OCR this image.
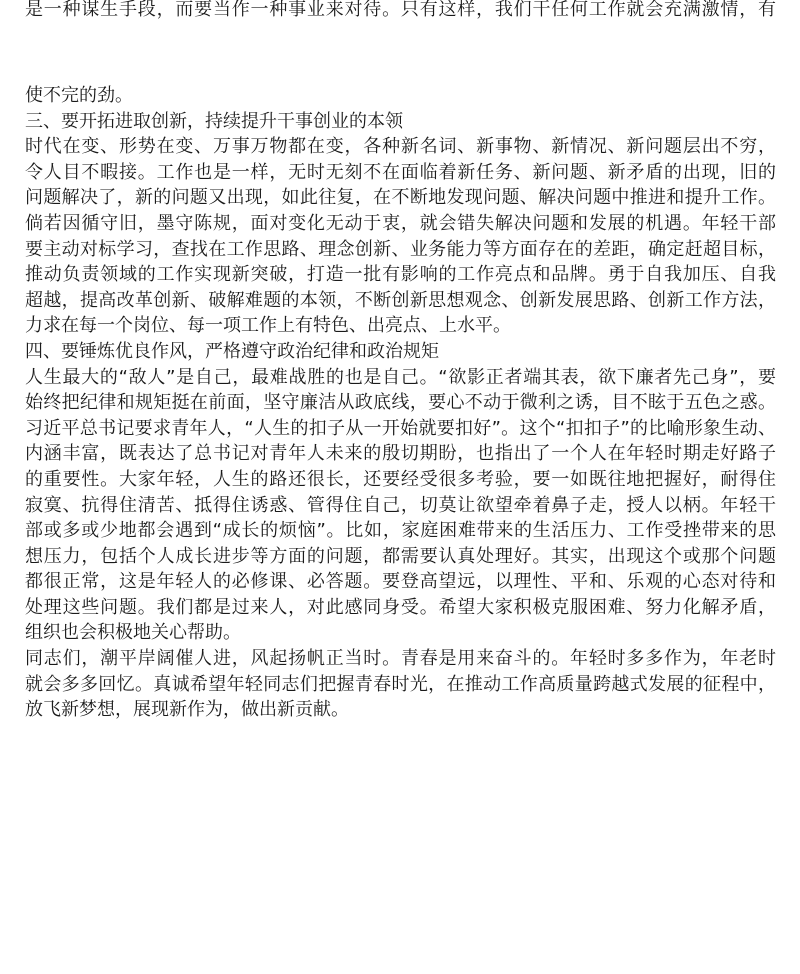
是一种谋生手段，而要当作一种事业来对待。只有这样，我们干任何工作就会充满激情，有
使不完的劲。
三、要开拓进取创新，持续提升干事创业的本领
时代在变、形势在变、万事万物都在变，各种新名词、新事物、新情况、新问题层出不穷，
令人目不暇接。工作也是一样，无时无刻不在面临着新任务、新问题、新矛盾的出现，旧的
问题解决了，新的问题又出现，如此往复，在不断地发现问题、解决问题中推进和提升工作。
倘若因循守旧，墨守陈规，面对变化无动于衷，就会错失解决问题和发展的机遇。年轻干部
要主动对标学习，查找在工作思路、理念创新、业务能力等方面存在的差距，确定赶超目标，
推动负责领域的工作实现新突破，打造一批有影响的工作亮点和品牌。勇于自我加压、自我
超越，提高改革创新、破解难题的本领，不断创新思想观念、创新发展思路、创新工作方法，
力求在每一个岗位、每一项工作上有特色、出亮点、上水平。
四、要锤炼优良作风，严格遵守政治纪律和政治规矩
人生最大的“敌人”是自己，最难战胜的也是自己。“欲影正者端其表，欲下廉者先己身”，要
始终把纪律和规矩挺在前面，坚守廉洁从政底线，要心不动于微利之诱，目不眩于五色之惑。
习近平总书记要求青年人，“人生的扣子从一开始就要扣好”。这个“扣扣子”的比喻形象生动、
内涵丰富，既表达了总书记对青年人未来的殷切期盼，也指出了一个人在年轻时期走好路子
的重要性。大家年轻，人生的路还很长，还要经受很多考验，要一如既往地把握好，耐得住
寂寞、抗得住清苦、抵得住诱惑、管得住自己，切莫让欲望牵着鼻子走，授人以柄。年轻干
部或多或少地都会遇到“成长的烦恼”。比如，家庭困难带来的生活压力、工作受挫带来的思
想压力，包括个人成长进步等方面的问题，都需要认真处理好。其实，出现这个或那个问题
都很正常，这是年轻人的必修课、必答题。要登高望远，以理性、平和、乐观的心态对待和
处理这些问题。我们都是过来人，对此感同身受。希望大家积极克服困难、努力化解矛盾，
组织也会积极地关心帮助。
同志们，潮平岸阔催人进，风起扬帆正当时。青春是用来奋斗的。年轻时多多作为，年老时
就会多多回忆。真诚希望年轻同志们把握青春时光，在推动工作高质量跨越式发展的征程中，
放飞新梦想，展现新作为，做出新贡献。
